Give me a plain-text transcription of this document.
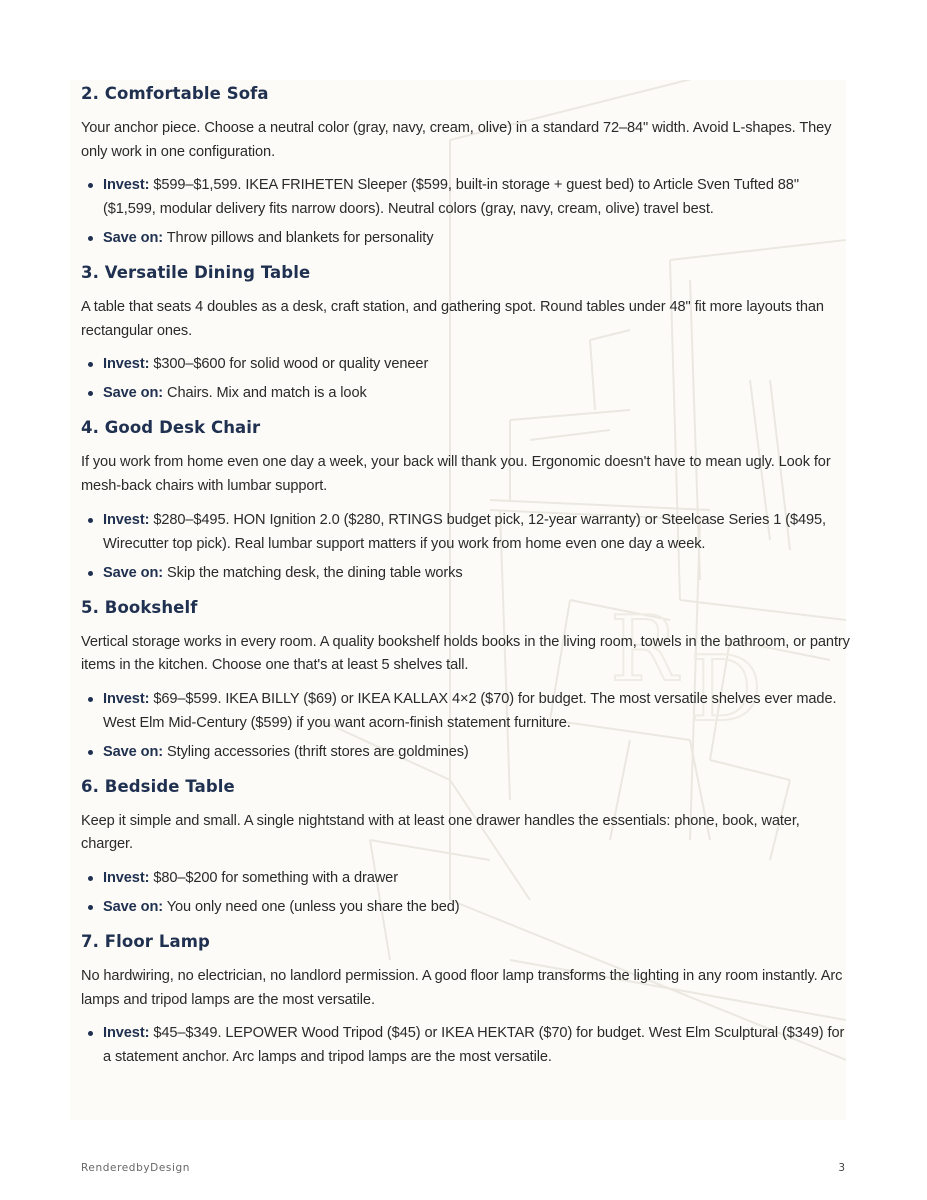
R D
2. Comfortable Sofa

Your anchor piece. Choose a neutral color (gray, navy, cream, olive) in a standard 72–84" width. Avoid L-shapes. They only work in one configuration.

Invest: $599–$1,599. IKEA FRIHETEN Sleeper ($599, built-in storage + guest bed) to Article Sven Tufted 88" ($1,599, modular delivery fits narrow doors). Neutral colors (gray, navy, cream, olive) travel best.
Save on: Throw pillows and blankets for personality
3. Versatile Dining Table

A table that seats 4 doubles as a desk, craft station, and gathering spot. Round tables under 48" fit more layouts than rectangular ones.

Invest: $300–$600 for solid wood or quality veneer
Save on: Chairs. Mix and match is a look
4. Good Desk Chair

If you work from home even one day a week, your back will thank you. Ergonomic doesn't have to mean ugly. Look for mesh-back chairs with lumbar support.

Invest: $280–$495. HON Ignition 2.0 ($280, RTINGS budget pick, 12-year warranty) or Steelcase Series 1 ($495, Wirecutter top pick). Real lumbar support matters if you work from home even one day a week.
Save on: Skip the matching desk, the dining table works
5. Bookshelf

Vertical storage works in every room. A quality bookshelf holds books in the living room, towels in the bathroom, or pantry items in the kitchen. Choose one that's at least 5 shelves tall.

Invest: $69–$599. IKEA BILLY ($69) or IKEA KALLAX 4×2 ($70) for budget. The most versatile shelves ever made. West Elm Mid-Century ($599) if you want acorn-finish statement furniture.
Save on: Styling accessories (thrift stores are goldmines)
6. Bedside Table

Keep it simple and small. A single nightstand with at least one drawer handles the essentials: phone, book, water, charger.

Invest: $80–$200 for something with a drawer
Save on: You only need one (unless you share the bed)
7. Floor Lamp

No hardwiring, no electrician, no landlord permission. A good floor lamp transforms the lighting in any room instantly. Arc lamps and tripod lamps are the most versatile.

Invest: $45–$349. LEPOWER Wood Tripod ($45) or IKEA HEKTAR ($70) for budget. West Elm Sculptural ($349) for a statement anchor. Arc lamps and tripod lamps are the most versatile.
RenderedbyDesign	3
